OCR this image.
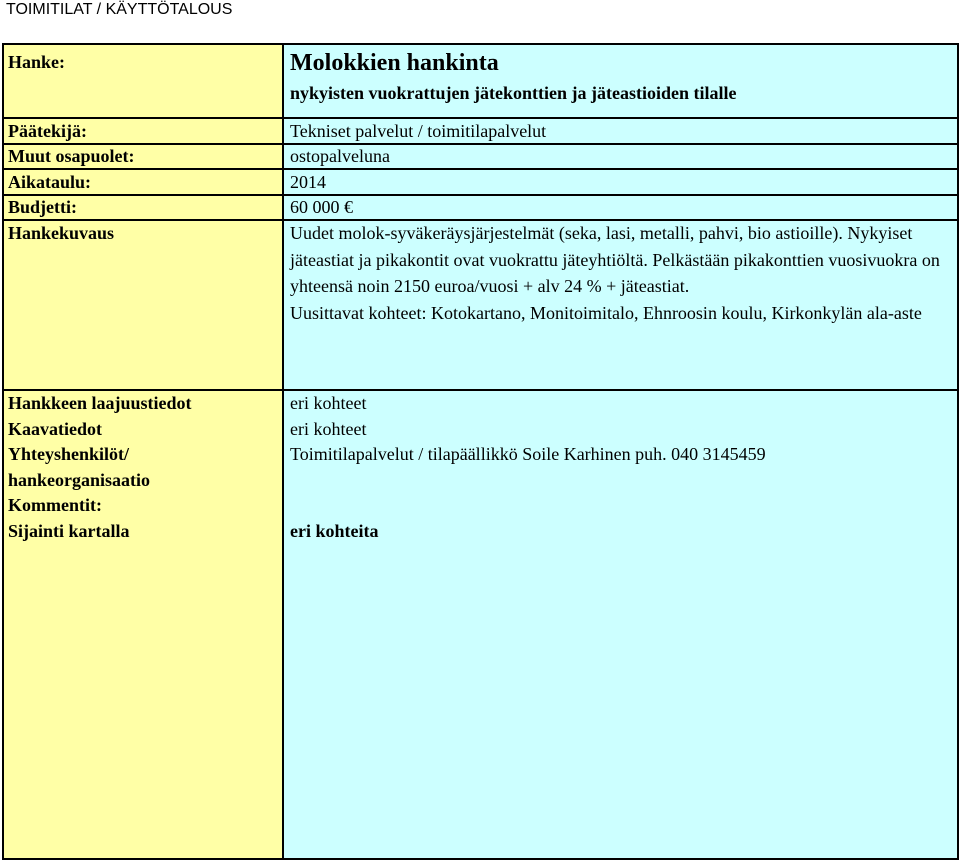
TOIMITILAT / KÄYTTÖTALOUS
Hanke:
Päätekijä:
Muut osapuolet:
Aikataulu:
Budjetti:
Hankekuvaus
Hankkeen laajuustiedot
Kaavatiedot
Yhteyshenkilöt/
hankeorganisaatio
Kommentit:
Sijainti kartalla
Molokkien hankinta
nykyisten vuokrattujen jätekonttien ja jäteastioiden tilalle
Tekniset palvelut / toimitilapalvelut
ostopalveluna
2014
60 000 €

Uudet molok-syväkeräysjärjestelmät (seka, lasi, metalli, pahvi, bio astioille). Nykyiset jäteastiat ja pikakontit ovat vuokrattu jäteyhtiöltä. Pelkästään pikakonttien vuosivuokra on yhteensä noin 2150 euroa/vuosi + alv 24 % + jäteastiat.

Uusittavat kohteet: Kotokartano, Monitoimitalo, Ehnroosin koulu, Kirkonkylän ala-aste

eri kohteet
eri kohteet
Toimitilapalvelut / tilapäällikkö Soile Karhinen puh. 040 3145459
eri kohteita
